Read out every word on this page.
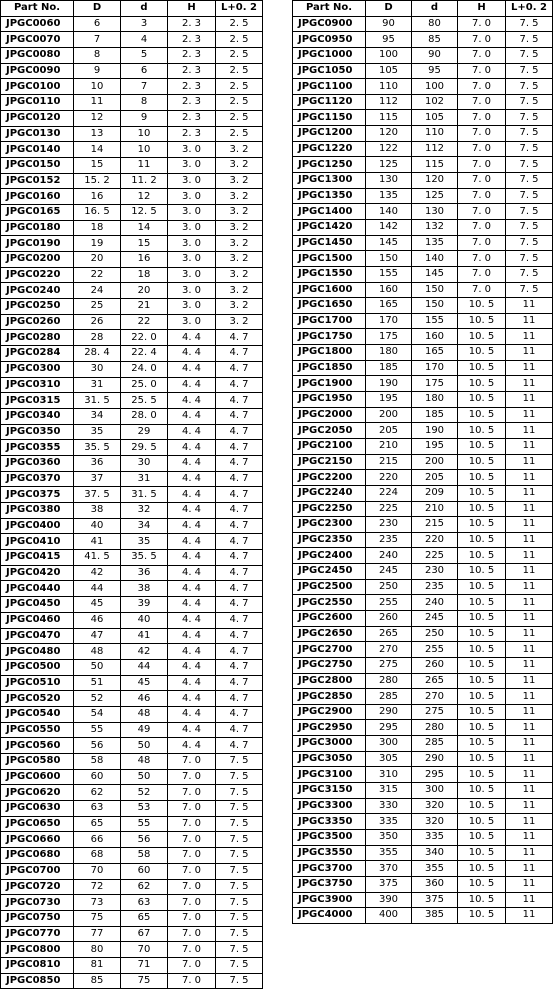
Part No.	D	d	H	L+0. 2
JPGC0060	6	3	2. 3	2. 5
JPGC0070	7	4	2. 3	2. 5
JPGC0080	8	5	2. 3	2. 5
JPGC0090	9	6	2. 3	2. 5
JPGC0100	10	7	2. 3	2. 5
JPGC0110	11	8	2. 3	2. 5
JPGC0120	12	9	2. 3	2. 5
JPGC0130	13	10	2. 3	2. 5
JPGC0140	14	10	3. 0	3. 2
JPGC0150	15	11	3. 0	3. 2
JPGC0152	15. 2	11. 2	3. 0	3. 2
JPGC0160	16	12	3. 0	3. 2
JPGC0165	16. 5	12. 5	3. 0	3. 2
JPGC0180	18	14	3. 0	3. 2
JPGC0190	19	15	3. 0	3. 2
JPGC0200	20	16	3. 0	3. 2
JPGC0220	22	18	3. 0	3. 2
JPGC0240	24	20	3. 0	3. 2
JPGC0250	25	21	3. 0	3. 2
JPGC0260	26	22	3. 0	3. 2
JPGC0280	28	22. 0	4. 4	4. 7
JPGC0284	28. 4	22. 4	4. 4	4. 7
JPGC0300	30	24. 0	4. 4	4. 7
JPGC0310	31	25. 0	4. 4	4. 7
JPGC0315	31. 5	25. 5	4. 4	4. 7
JPGC0340	34	28. 0	4. 4	4. 7
JPGC0350	35	29	4. 4	4. 7
JPGC0355	35. 5	29. 5	4. 4	4. 7
JPGC0360	36	30	4. 4	4. 7
JPGC0370	37	31	4. 4	4. 7
JPGC0375	37. 5	31. 5	4. 4	4. 7
JPGC0380	38	32	4. 4	4. 7
JPGC0400	40	34	4. 4	4. 7
JPGC0410	41	35	4. 4	4. 7
JPGC0415	41. 5	35. 5	4. 4	4. 7
JPGC0420	42	36	4. 4	4. 7
JPGC0440	44	38	4. 4	4. 7
JPGC0450	45	39	4. 4	4. 7
JPGC0460	46	40	4. 4	4. 7
JPGC0470	47	41	4. 4	4. 7
JPGC0480	48	42	4. 4	4. 7
JPGC0500	50	44	4. 4	4. 7
JPGC0510	51	45	4. 4	4. 7
JPGC0520	52	46	4. 4	4. 7
JPGC0540	54	48	4. 4	4. 7
JPGC0550	55	49	4. 4	4. 7
JPGC0560	56	50	4. 4	4. 7
JPGC0580	58	48	7. 0	7. 5
JPGC0600	60	50	7. 0	7. 5
JPGC0620	62	52	7. 0	7. 5
JPGC0630	63	53	7. 0	7. 5
JPGC0650	65	55	7. 0	7. 5
JPGC0660	66	56	7. 0	7. 5
JPGC0680	68	58	7. 0	7. 5
JPGC0700	70	60	7. 0	7. 5
JPGC0720	72	62	7. 0	7. 5
JPGC0730	73	63	7. 0	7. 5
JPGC0750	75	65	7. 0	7. 5
JPGC0770	77	67	7. 0	7. 5
JPGC0800	80	70	7. 0	7. 5
JPGC0810	81	71	7. 0	7. 5
JPGC0850	85	75	7. 0	7. 5
Part No.	D	d	H	L+0. 2
JPGC0900	90	80	7. 0	7. 5
JPGC0950	95	85	7. 0	7. 5
JPGC1000	100	90	7. 0	7. 5
JPGC1050	105	95	7. 0	7. 5
JPGC1100	110	100	7. 0	7. 5
JPGC1120	112	102	7. 0	7. 5
JPGC1150	115	105	7. 0	7. 5
JPGC1200	120	110	7. 0	7. 5
JPGC1220	122	112	7. 0	7. 5
JPGC1250	125	115	7. 0	7. 5
JPGC1300	130	120	7. 0	7. 5
JPGC1350	135	125	7. 0	7. 5
JPGC1400	140	130	7. 0	7. 5
JPGC1420	142	132	7. 0	7. 5
JPGC1450	145	135	7. 0	7. 5
JPGC1500	150	140	7. 0	7. 5
JPGC1550	155	145	7. 0	7. 5
JPGC1600	160	150	7. 0	7. 5
JPGC1650	165	150	10. 5	11
JPGC1700	170	155	10. 5	11
JPGC1750	175	160	10. 5	11
JPGC1800	180	165	10. 5	11
JPGC1850	185	170	10. 5	11
JPGC1900	190	175	10. 5	11
JPGC1950	195	180	10. 5	11
JPGC2000	200	185	10. 5	11
JPGC2050	205	190	10. 5	11
JPGC2100	210	195	10. 5	11
JPGC2150	215	200	10. 5	11
JPGC2200	220	205	10. 5	11
JPGC2240	224	209	10. 5	11
JPGC2250	225	210	10. 5	11
JPGC2300	230	215	10. 5	11
JPGC2350	235	220	10. 5	11
JPGC2400	240	225	10. 5	11
JPGC2450	245	230	10. 5	11
JPGC2500	250	235	10. 5	11
JPGC2550	255	240	10. 5	11
JPGC2600	260	245	10. 5	11
JPGC2650	265	250	10. 5	11
JPGC2700	270	255	10. 5	11
JPGC2750	275	260	10. 5	11
JPGC2800	280	265	10. 5	11
JPGC2850	285	270	10. 5	11
JPGC2900	290	275	10. 5	11
JPGC2950	295	280	10. 5	11
JPGC3000	300	285	10. 5	11
JPGC3050	305	290	10. 5	11
JPGC3100	310	295	10. 5	11
JPGC3150	315	300	10. 5	11
JPGC3300	330	320	10. 5	11
JPGC3350	335	320	10. 5	11
JPGC3500	350	335	10. 5	11
JPGC3550	355	340	10. 5	11
JPGC3700	370	355	10. 5	11
JPGC3750	375	360	10. 5	11
JPGC3900	390	375	10. 5	11
JPGC4000	400	385	10. 5	11
